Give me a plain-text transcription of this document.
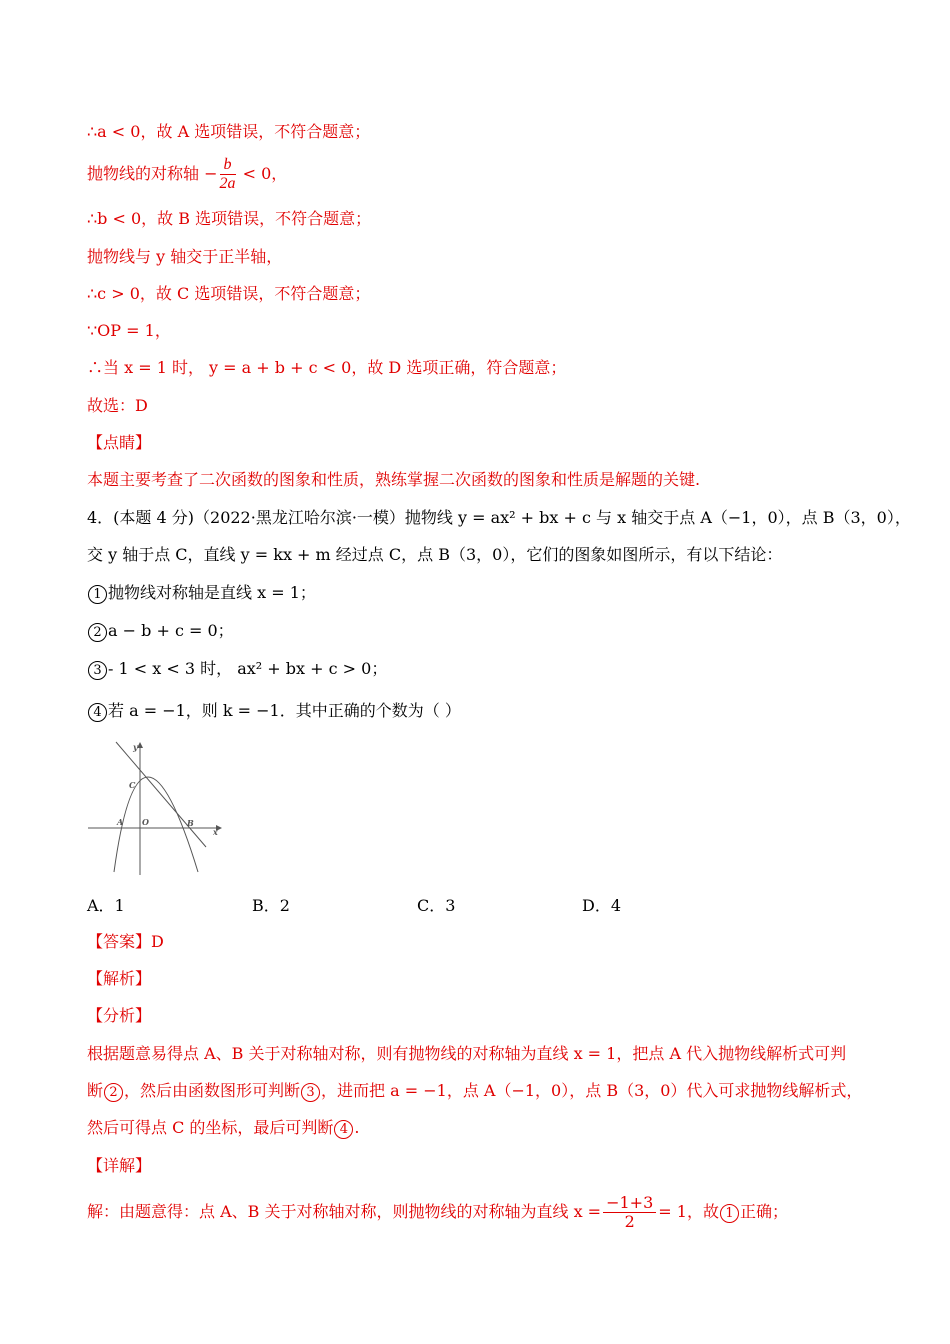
∴a < 0，故 A 选项错误，不符合题意；
抛物线的对称轴 − $\frac{b}{2a} < 0$，
∴b < 0，故 B 选项错误，不符合题意；
抛物线与 y 轴交于正半轴，
∴c > 0，故 C 选项错误，不符合题意；
∵OP = 1，
∴当 x = 1 时， y = a + b + c < 0，故 D 选项正确，符合题意；
故选：D
【点睛】
本题主要考查了二次函数的图象和性质，熟练掌握二次函数的图象和性质是解题的关键.
4．(本题 4 分)（2022·黑龙江哈尔滨·一模）抛物线 y = ax² + bx + c 与 x 轴交于点 A（−1，0），点 B（3，0），
交 y 轴于点 C，直线 y = kx + m 经过点 C，点 B（3，0），它们的图象如图所示，有以下结论：
1 抛物线对称轴是直线 x = 1；
2 a − b + c = 0；
3 - 1 < x < 3 时， ax² + bx + c > 0；
4 若 a = −1，则 k = −1．其中正确的个数为（ ）
y
x
C
A O	B
A．1	B．2	C．3	D．4
【答案】D
【解析】
【分析】
根据题意易得点 A、B 关于对称轴对称，则有抛物线的对称轴为直线 x = 1，把点 A 代入抛物线解析式可判
断 2 ，然后由函数图形可判断 3 ，进而把 a = −1，点 A（−1，0），点 B（3，0）代入可求抛物线解析式，
然后可得点 C 的坐标，最后可判断 4 .
【详解】
解：由题意得：点 A、B 关于对称轴对称，则抛物线的对称轴为直线 $x = \frac{-1+3}{2} = 1$，故 1 正确；
